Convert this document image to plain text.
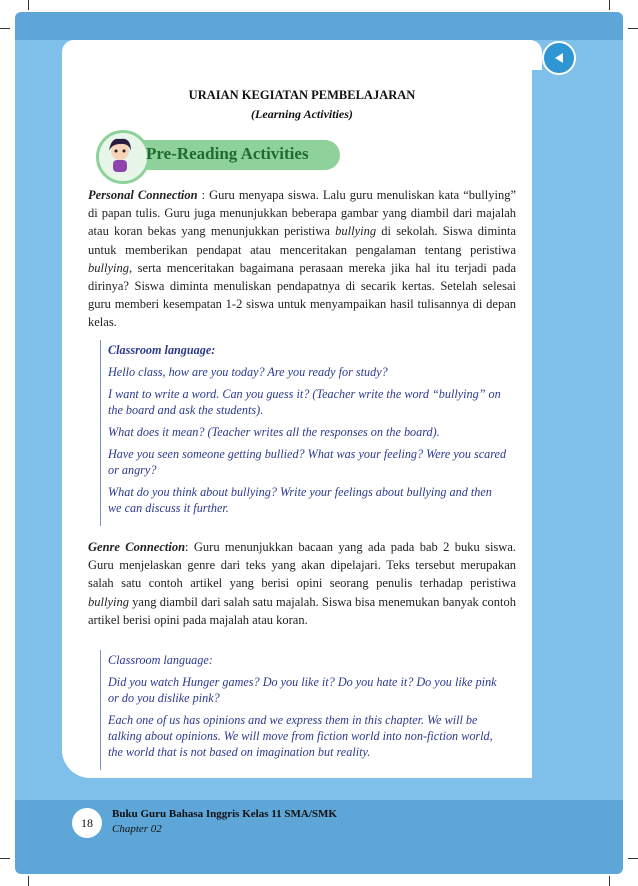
URAIAN KEGIATAN PEMBELAJARAN
(Learning Activities)
Pre-Reading Activities
Personal Connection : Guru menyapa siswa. Lalu guru menuliskan kata “bullying” di papan tulis. Guru juga menunjukkan beberapa gambar yang diambil dari majalah atau koran bekas yang menunjukkan peristiwa bullying di sekolah. Siswa diminta untuk memberikan pendapat atau menceritakan pengalaman tentang peristiwa bullying, serta menceritakan bagaimana perasaan mereka jika hal itu terjadi pada dirinya? Siswa diminta menuliskan pendapatnya di secarik kertas. Setelah selesai guru memberi kesempatan 1-2 siswa untuk menyampaikan hasil tulisannya di depan kelas.
Classroom language:
Hello class, how are you today? Are you ready for study?
I want to write a word. Can you guess it? (Teacher write the word “bullying” on the board and ask the students).
What does it mean? (Teacher writes all the responses on the board).
Have you seen someone getting bullied? What was your feeling? Were you scared or angry?
What do you think about bullying? Write your feelings about bullying and then we can discuss it further.
Genre Connection: Guru menunjukkan bacaan yang ada pada bab 2 buku siswa. Guru menjelaskan genre dari teks yang akan dipelajari. Teks tersebut merupakan salah satu contoh artikel yang berisi opini seorang penulis terhadap peristiwa bullying yang diambil dari salah satu majalah. Siswa bisa menemukan banyak contoh artikel berisi opini pada majalah atau koran.
Classroom language:
Did you watch Hunger games? Do you like it? Do you hate it? Do you like pink or do you dislike pink?
Each one of us has opinions and we express them in this chapter. We will be talking about opinions. We will move from fiction world into non-fiction world, the world that is not based on imagination but reality.
18
Buku Guru Bahasa Inggris Kelas 11 SMA/SMK
Chapter 02
